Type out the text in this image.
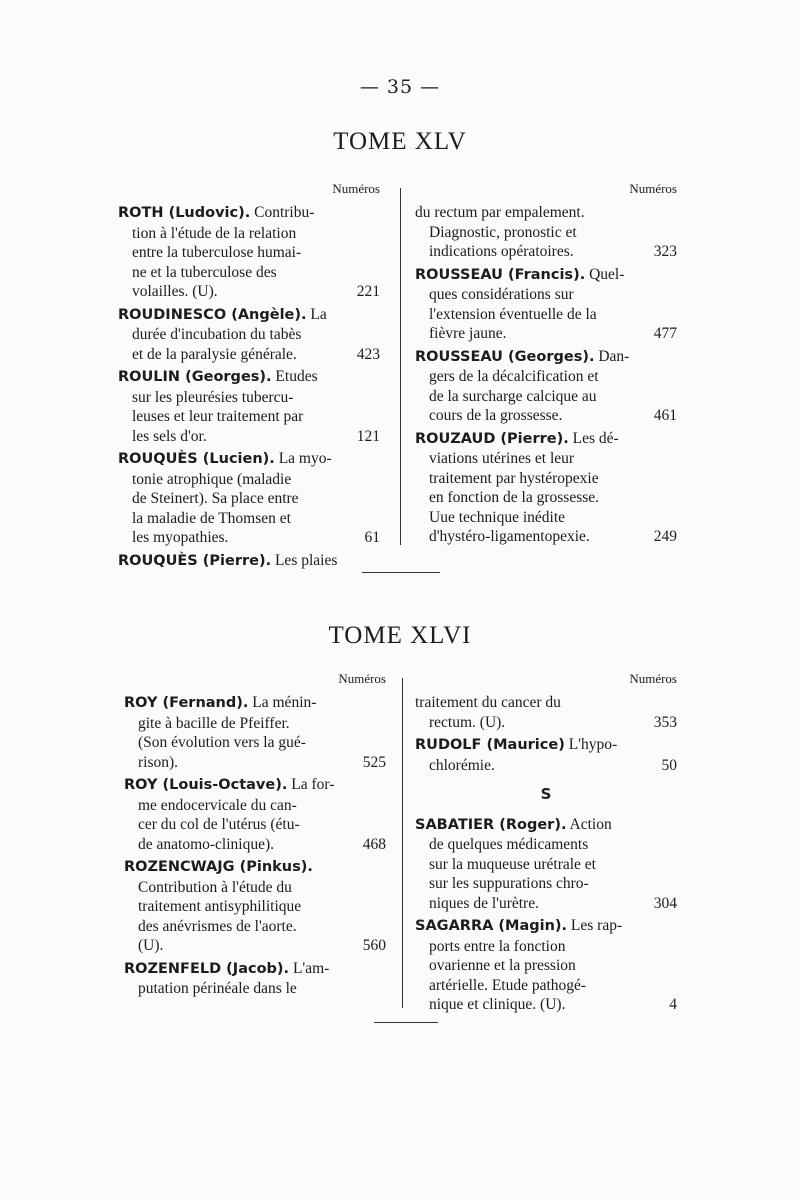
— 35 —
TOME XLV
Numéros
ROTH (Ludovic). Contribu-
tion à l'étude de la relation
entre la tuberculose humai-
ne et la tuberculose des
volailles. (U).	221
ROUDINESCO (Angèle). La
durée d'incubation du tabès
et de la paralysie générale.	423
ROULIN (Georges). Etudes
sur les pleurésies tubercu-
leuses et leur traitement par
les sels d'or.	121
ROUQUÈS (Lucien). La myo-
tonie atrophique (maladie
de Steinert). Sa place entre
la maladie de Thomsen et
les myopathies.	61
ROUQUÈS (Pierre). Les plaies
Numéros
du rectum par empalement.
Diagnostic, pronostic et
indications opératoires.	323
ROUSSEAU (Francis). Quel-
ques considérations sur
l'extension éventuelle de la
fièvre jaune.	477
ROUSSEAU (Georges). Dan-
gers de la décalcification et
de la surcharge calcique au
cours de la grossesse.	461
ROUZAUD (Pierre). Les dé-
viations utérines et leur
traitement par hystéropexie
en fonction de la grossesse.
Uue technique inédite
d'hystéro-ligamentopexie.	249
TOME XLVI
Numéros
ROY (Fernand). La ménin-
gite à bacille de Pfeiffer.
(Son évolution vers la gué-
rison).	525
ROY (Louis-Octave). La for-
me endocervicale du can-
cer du col de l'utérus (étu-
de anatomo-clinique).	468
ROZENCWAJG (Pinkus).
Contribution à l'étude du
traitement antisyphilitique
des anévrismes de l'aorte.
(U).	560
ROZENFELD (Jacob). L'am-
putation périnéale dans le
Numéros
traitement du cancer du
rectum. (U).	353
RUDOLF (Maurice) L'hypo-
chlorémie.	50
S
SABATIER (Roger). Action
de quelques médicaments
sur la muqueuse urétrale et
sur les suppurations chro-
niques de l'urètre.	304
SAGARRA (Magin). Les rap-
ports entre la fonction
ovarienne et la pression
artérielle. Etude pathogé-
nique et clinique. (U).	4
